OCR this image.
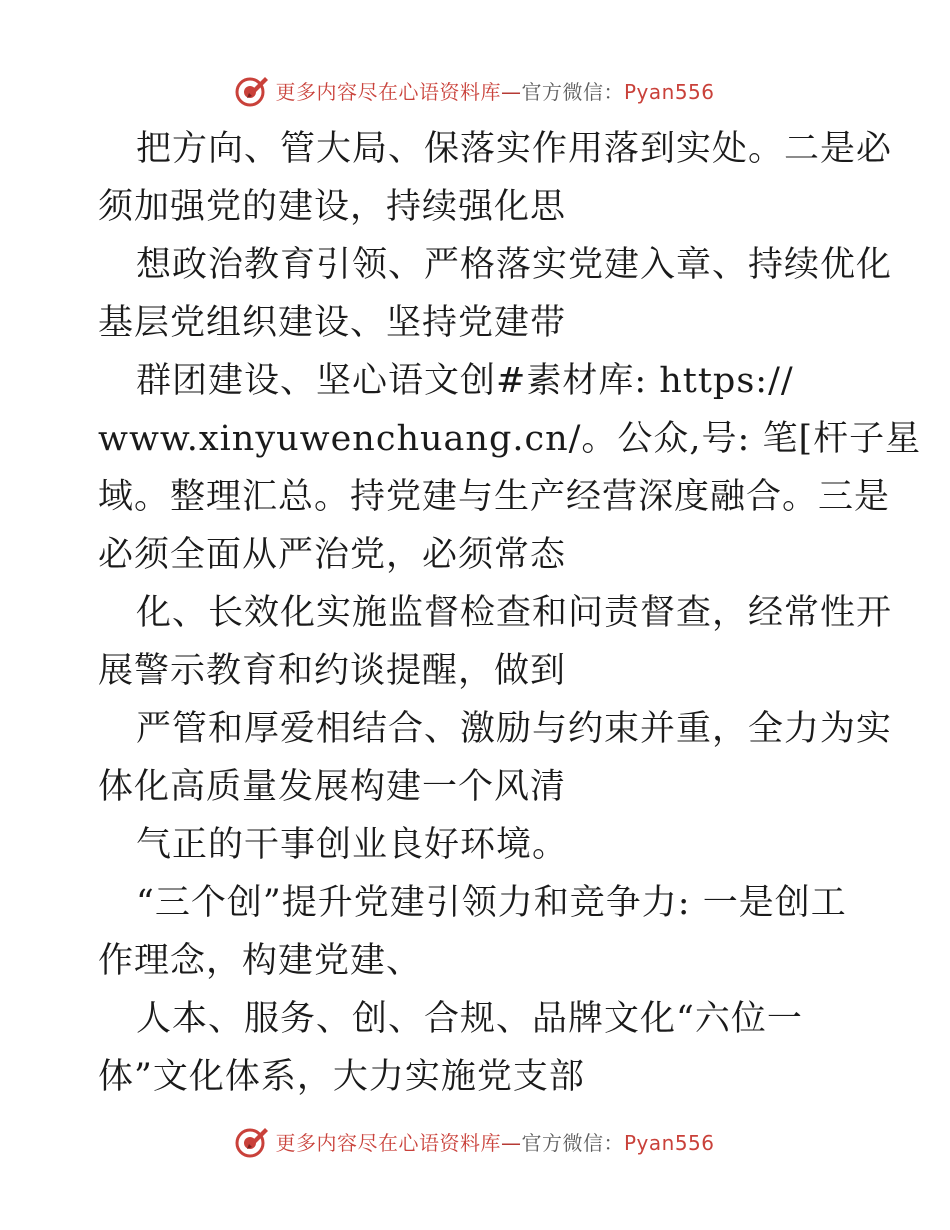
更多内容尽在心语资料库—官方微信：Pyan556
把方向、管大局、保落实作用落到实处。二是必
须加强党的建设，持续强化思
想政治教育引领、严格落实党建入章、持续优化
基层党组织建设、坚持党建带
群团建设、坚心语文创#素材库: https://
www.xinyuwenchuang.cn/。公众,号: 笔[杆子星
域。整理汇总。持党建与生产经营深度融合。三是
必须全面从严治党，必须常态
化、长效化实施监督检查和问责督查，经常性开
展警示教育和约谈提醒，做到
严管和厚爱相结合、激励与约束并重，全力为实
体化高质量发展构建一个风清
气正的干事创业良好环境。
“三个创”提升党建引领力和竞争力: 一是创工
作理念，构建党建、
人本、服务、创、合规、品牌文化“六位一
体”文化体系，大力实施党支部
更多内容尽在心语资料库—官方微信：Pyan556
